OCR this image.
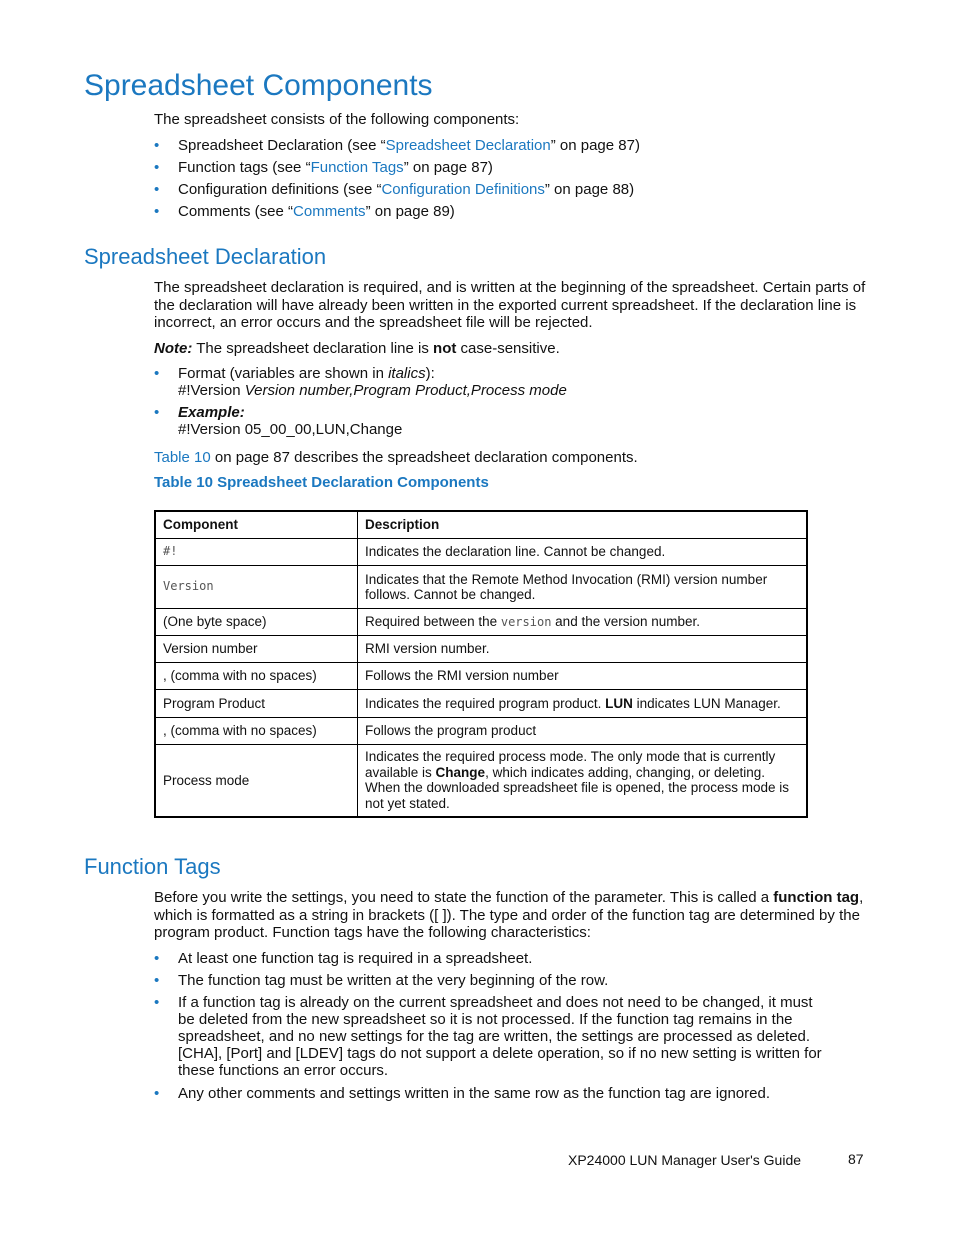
Spreadsheet Components

The spreadsheet consists of the following components:

• Spreadsheet Declaration (see “Spreadsheet Declaration” on page 87)
• Function tags (see “Function Tags” on page 87)
• Configuration definitions (see “Configuration Definitions” on page 88)
• Comments (see “Comments” on page 89)
Spreadsheet Declaration

The spreadsheet declaration is required, and is written at the beginning of the spreadsheet. Certain parts of the declaration will have already been written in the exported current spreadsheet. If the declaration line is incorrect, an error occurs and the spreadsheet file will be rejected.

Note: The spreadsheet declaration line is not case-sensitive.

• Format (variables are shown in italics):
#!Version Version number,Program Product,Process mode
• Example:
#!Version 05_00_00,LUN,Change

Table 10 on page 87 describes the spreadsheet declaration components.

Table 10 Spreadsheet Declaration Components
Component	Description
#!	Indicates the declaration line. Cannot be changed.
Version	Indicates that the Remote Method Invocation (RMI) version number follows. Cannot be changed.
(One byte space)	Required between the version and the version number.
Version number	RMI version number.
, (comma with no spaces)	Follows the RMI version number
Program Product	Indicates the required program product. LUN indicates LUN Manager.
, (comma with no spaces)	Follows the program product
Process mode	Indicates the required process mode. The only mode that is currently available is Change, which indicates adding, changing, or deleting. When the downloaded spreadsheet file is opened, the process mode is not yet stated.
Function Tags

Before you write the settings, you need to state the function of the parameter. This is called a function tag, which is formatted as a string in brackets ([ ]). The type and order of the function tag are determined by the program product. Function tags have the following characteristics:

• At least one function tag is required in a spreadsheet.
• The function tag must be written at the very beginning of the row.
• If a function tag is already on the current spreadsheet and does not need to be changed, it must be deleted from the new spreadsheet so it is not processed. If the function tag remains in the spreadsheet, and no new settings for the tag are written, the settings are processed as deleted. [CHA], [Port] and [LDEV] tags do not support a delete operation, so if no new setting is written for these functions an error occurs.
• Any other comments and settings written in the same row as the function tag are ignored.
XP24000 LUN Manager User's Guide	87
